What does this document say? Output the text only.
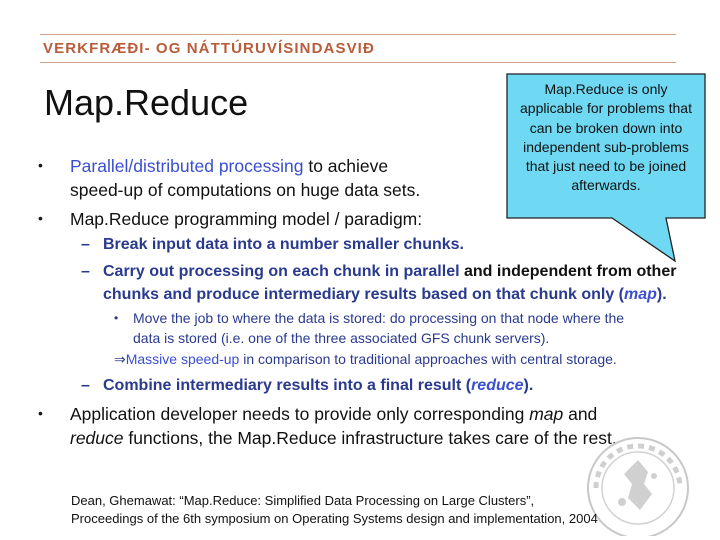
VERKFRÆÐI- OG NÁTTÚRUVÍSINDASVIÐ
Map.Reduce	Map.Reduce is only applicable for problems that can be broken down into independent sub-problems that just need to be joined afterwards.
• Parallel/distributed processing to achieve
speed-up of computations on huge data sets.
• Map.Reduce programming model / paradigm:
– Break input data into a number smaller chunks.
– Carry out processing on each chunk in parallel and independent from other
chunks and produce intermediary results based on that chunk only (map).
• Move the job to where the data is stored: do processing on that node where the
data is stored (i.e. one of the three associated GFS chunk servers).
⇒Massive speed-up in comparison to traditional approaches with central storage.
– Combine intermediary results into a final result (reduce).
• Application developer needs to provide only corresponding map and
reduce functions, the Map.Reduce infrastructure takes care of the rest.
Dean, Ghemawat: “Map.Reduce: Simplified Data Processing on Large Clusters”,
Proceedings of the 6th symposium on Operating Systems design and implementation, 2004
